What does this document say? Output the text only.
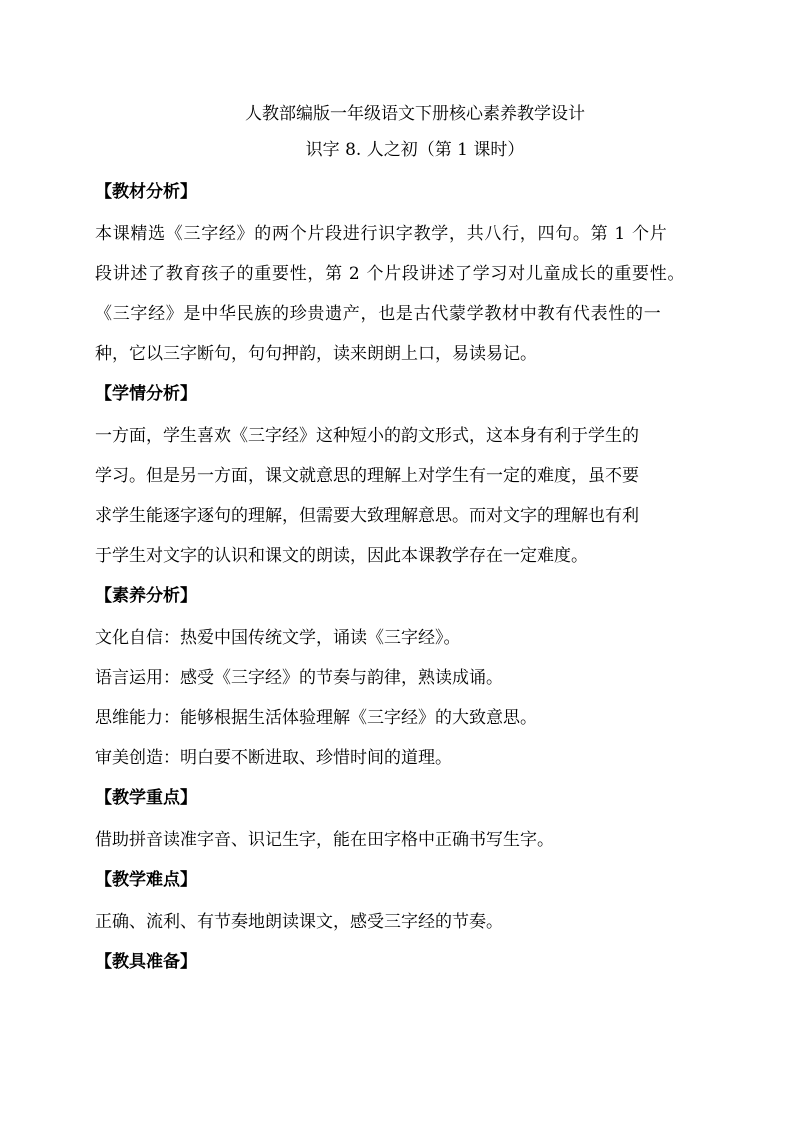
人教部编版一年级语文下册核心素养教学设计

识字 8. 人之初（第 1 课时）

【教材分析】

本课精选《三字经》的两个片段进行识字教学，共八行，四句。第 1 个片

段讲述了教育孩子的重要性，第 2 个片段讲述了学习对儿童成长的重要性。

《三字经》是中华民族的珍贵遗产，也是古代蒙学教材中教有代表性的一

种，它以三字断句，句句押韵，读来朗朗上口，易读易记。

【学情分析】

一方面，学生喜欢《三字经》这种短小的韵文形式，这本身有利于学生的

学习。但是另一方面，课文就意思的理解上对学生有一定的难度，虽不要

求学生能逐字逐句的理解，但需要大致理解意思。而对文字的理解也有利

于学生对文字的认识和课文的朗读，因此本课教学存在一定难度。

【素养分析】

文化自信：热爱中国传统文学，诵读《三字经》。

语言运用：感受《三字经》的节奏与韵律，熟读成诵。

思维能力：能够根据生活体验理解《三字经》的大致意思。

审美创造：明白要不断进取、珍惜时间的道理。

【教学重点】

借助拼音读准字音、识记生字，能在田字格中正确书写生字。

【教学难点】

正确、流利、有节奏地朗读课文，感受三字经的节奏。

【教具准备】
